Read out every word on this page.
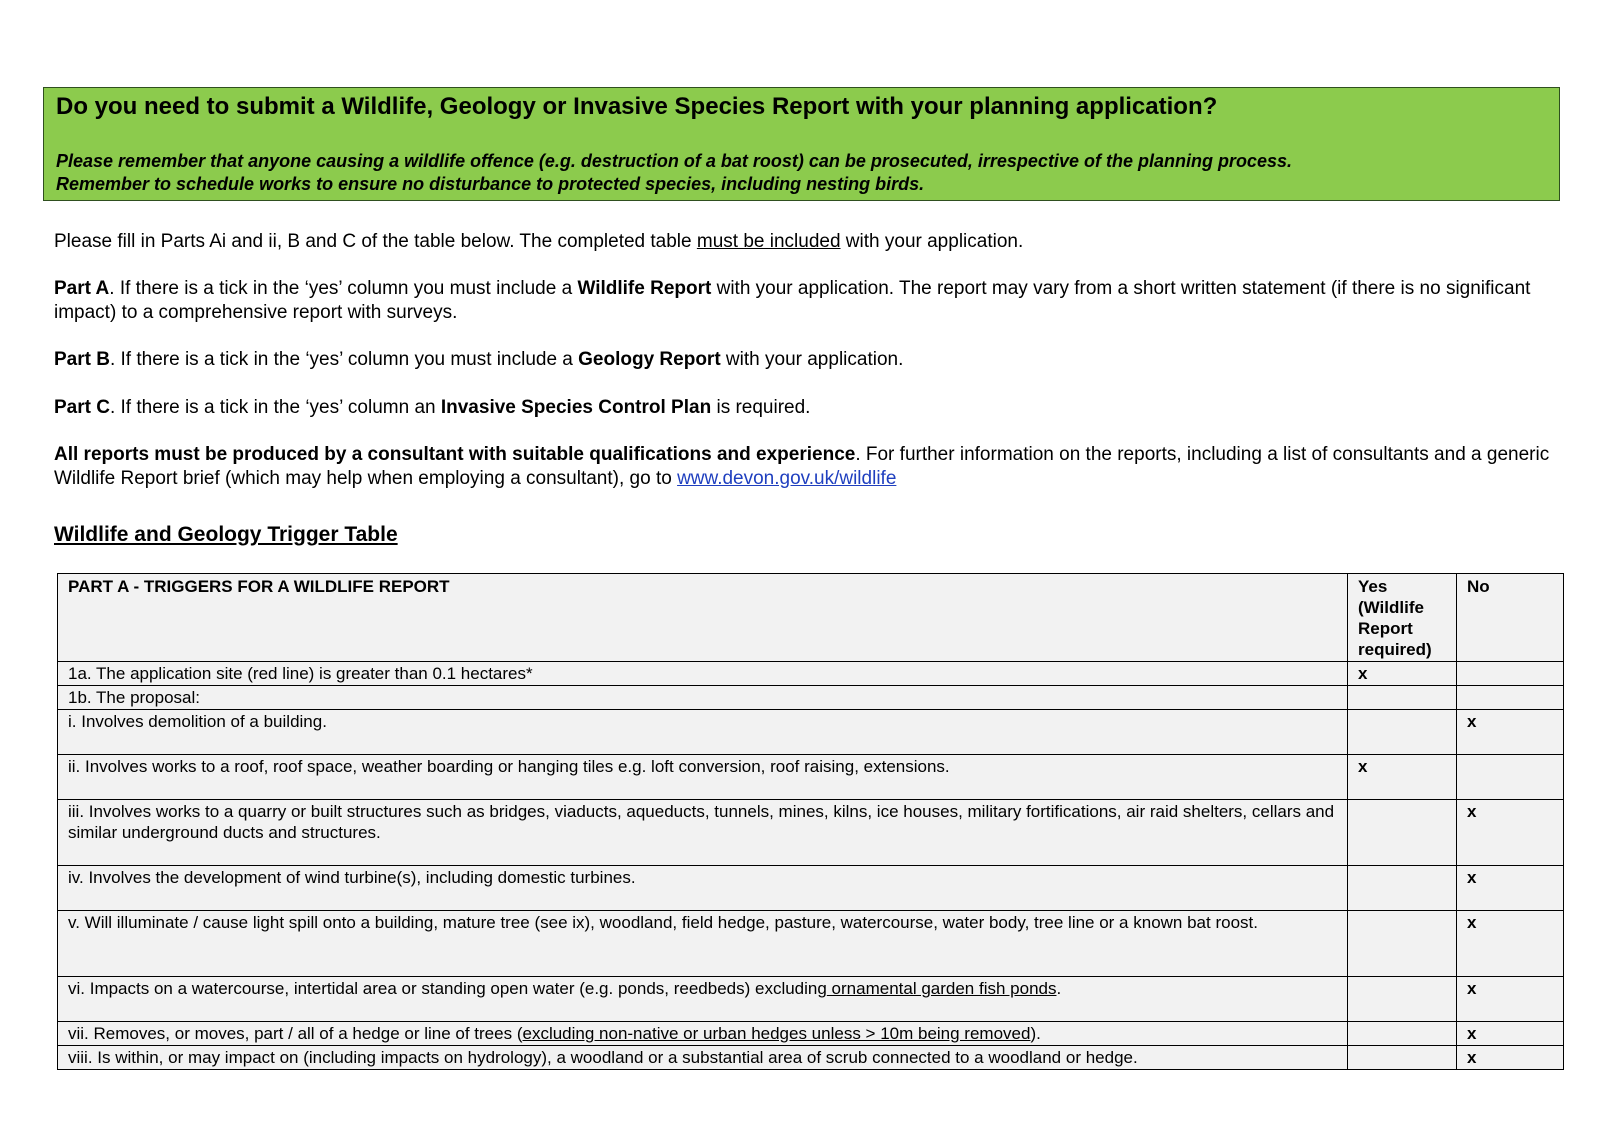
Do you need to submit a Wildlife, Geology or Invasive Species Report with your planning application?
Please remember that anyone causing a wildlife offence (e.g. destruction of a bat roost) can be prosecuted, irrespective of the planning process.
Remember to schedule works to ensure no disturbance to protected species, including nesting birds.

Please fill in Parts Ai and ii, B and C of the table below. The completed table must be included with your application.

Part A. If there is a tick in the ‘yes’ column you must include a Wildlife Report with your application. The report may vary from a short written statement (if there is no significant impact) to a comprehensive report with surveys.

Part B. If there is a tick in the ‘yes’ column you must include a Geology Report with your application.

Part C. If there is a tick in the ‘yes’ column an Invasive Species Control Plan is required.

All reports must be produced by a consultant with suitable qualifications and experience. For further information on the reports, including a list of consultants and a generic Wildlife Report brief (which may help when employing a consultant), go to www.devon.gov.uk/wildlife

Wildlife and Geology Trigger Table
PART A - TRIGGERS FOR A WILDLIFE REPORT	Yes (Wildlife Report required)	No
1a. The application site (red line) is greater than 0.1 hectares*	x	
1b. The proposal:		
i. Involves demolition of a building.		x
ii. Involves works to a roof, roof space, weather boarding or hanging tiles e.g. loft conversion, roof raising, extensions.	x	
iii. Involves works to a quarry or built structures such as bridges, viaducts, aqueducts, tunnels, mines, kilns, ice houses, military fortifications, air raid shelters, cellars and similar underground ducts and structures.		x
iv. Involves the development of wind turbine(s), including domestic turbines.		x
v. Will illuminate / cause light spill onto a building, mature tree (see ix), woodland, field hedge, pasture, watercourse, water body, tree line or a known bat roost.		x
vi. Impacts on a watercourse, intertidal area or standing open water (e.g. ponds, reedbeds) excluding ornamental garden fish ponds.		x
vii. Removes, or moves, part / all of a hedge or line of trees (excluding non-native or urban hedges unless > 10m being removed).		x
viii. Is within, or may impact on (including impacts on hydrology), a woodland or a substantial area of scrub connected to a woodland or hedge.		x
